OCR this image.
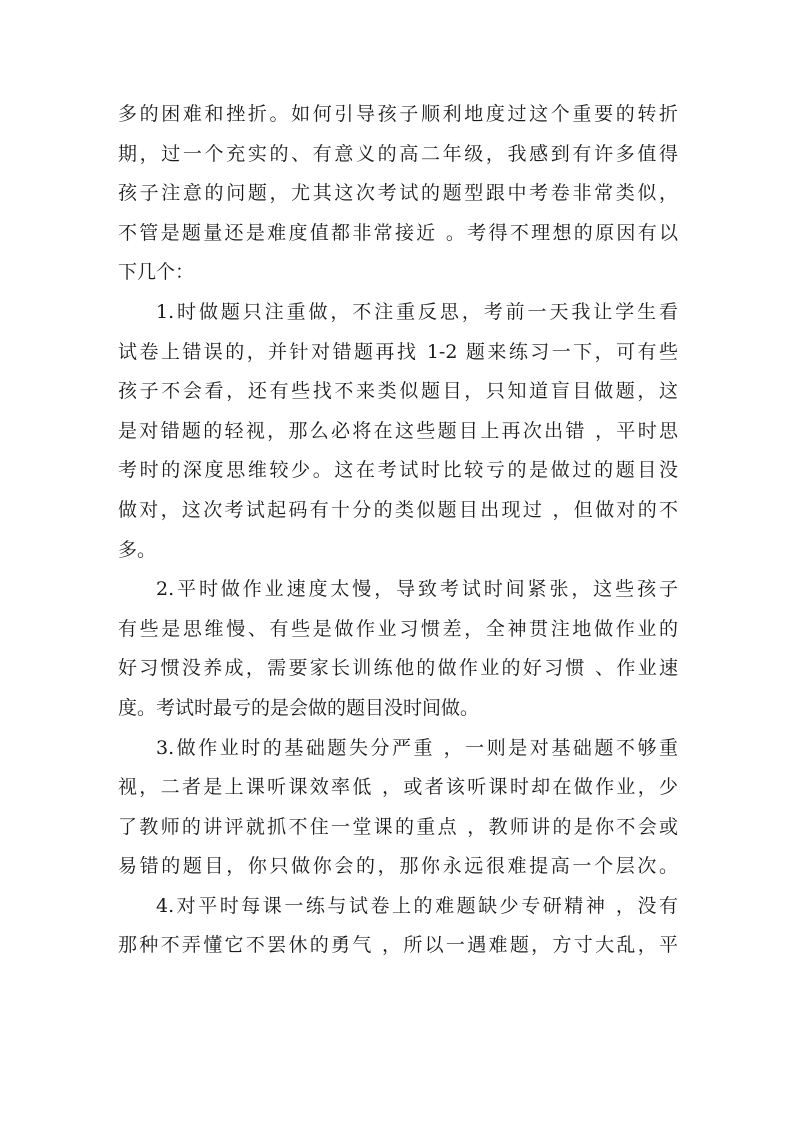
多的困难和挫折。如何引导孩子顺利地度过这个重要的转折
期，过一个充实的、有意义的高二年级，我感到有许多值得
孩子注意的问题，尤其这次考试的题型跟中考卷非常类似，
不管是题量还是难度值都非常接近 。考得不理想的原因有以
下几个：
1.时做题只注重做，不注重反思，考前一天我让学生看
试卷上错误的，并针对错题再找 1-2 题来练习一下，可有些
孩子不会看，还有些找不来类似题目，只知道盲目做题，这
是对错题的轻视，那么必将在这些题目上再次出错 ，平时思
考时的深度思维较少。这在考试时比较亏的是做过的题目没
做对，这次考试起码有十分的类似题目出现过 ，但做对的不
多。
2.平时做作业速度太慢，导致考试时间紧张，这些孩子
有些是思维慢、有些是做作业习惯差，全神贯注地做作业的
好习惯没养成，需要家长训练他的做作业的好习惯 、作业速
度。考试时最亏的是会做的题目没时间做。
3.做作业时的基础题失分严重 ，一则是对基础题不够重
视，二者是上课听课效率低 ，或者该听课时却在做作业，少
了教师的讲评就抓不住一堂课的重点 ，教师讲的是你不会或
易错的题目，你只做你会的，那你永远很难提高一个层次。
4.对平时每课一练与试卷上的难题缺少专研精神 ，没有
那种不弄懂它不罢休的勇气 ，所以一遇难题，方寸大乱，平
